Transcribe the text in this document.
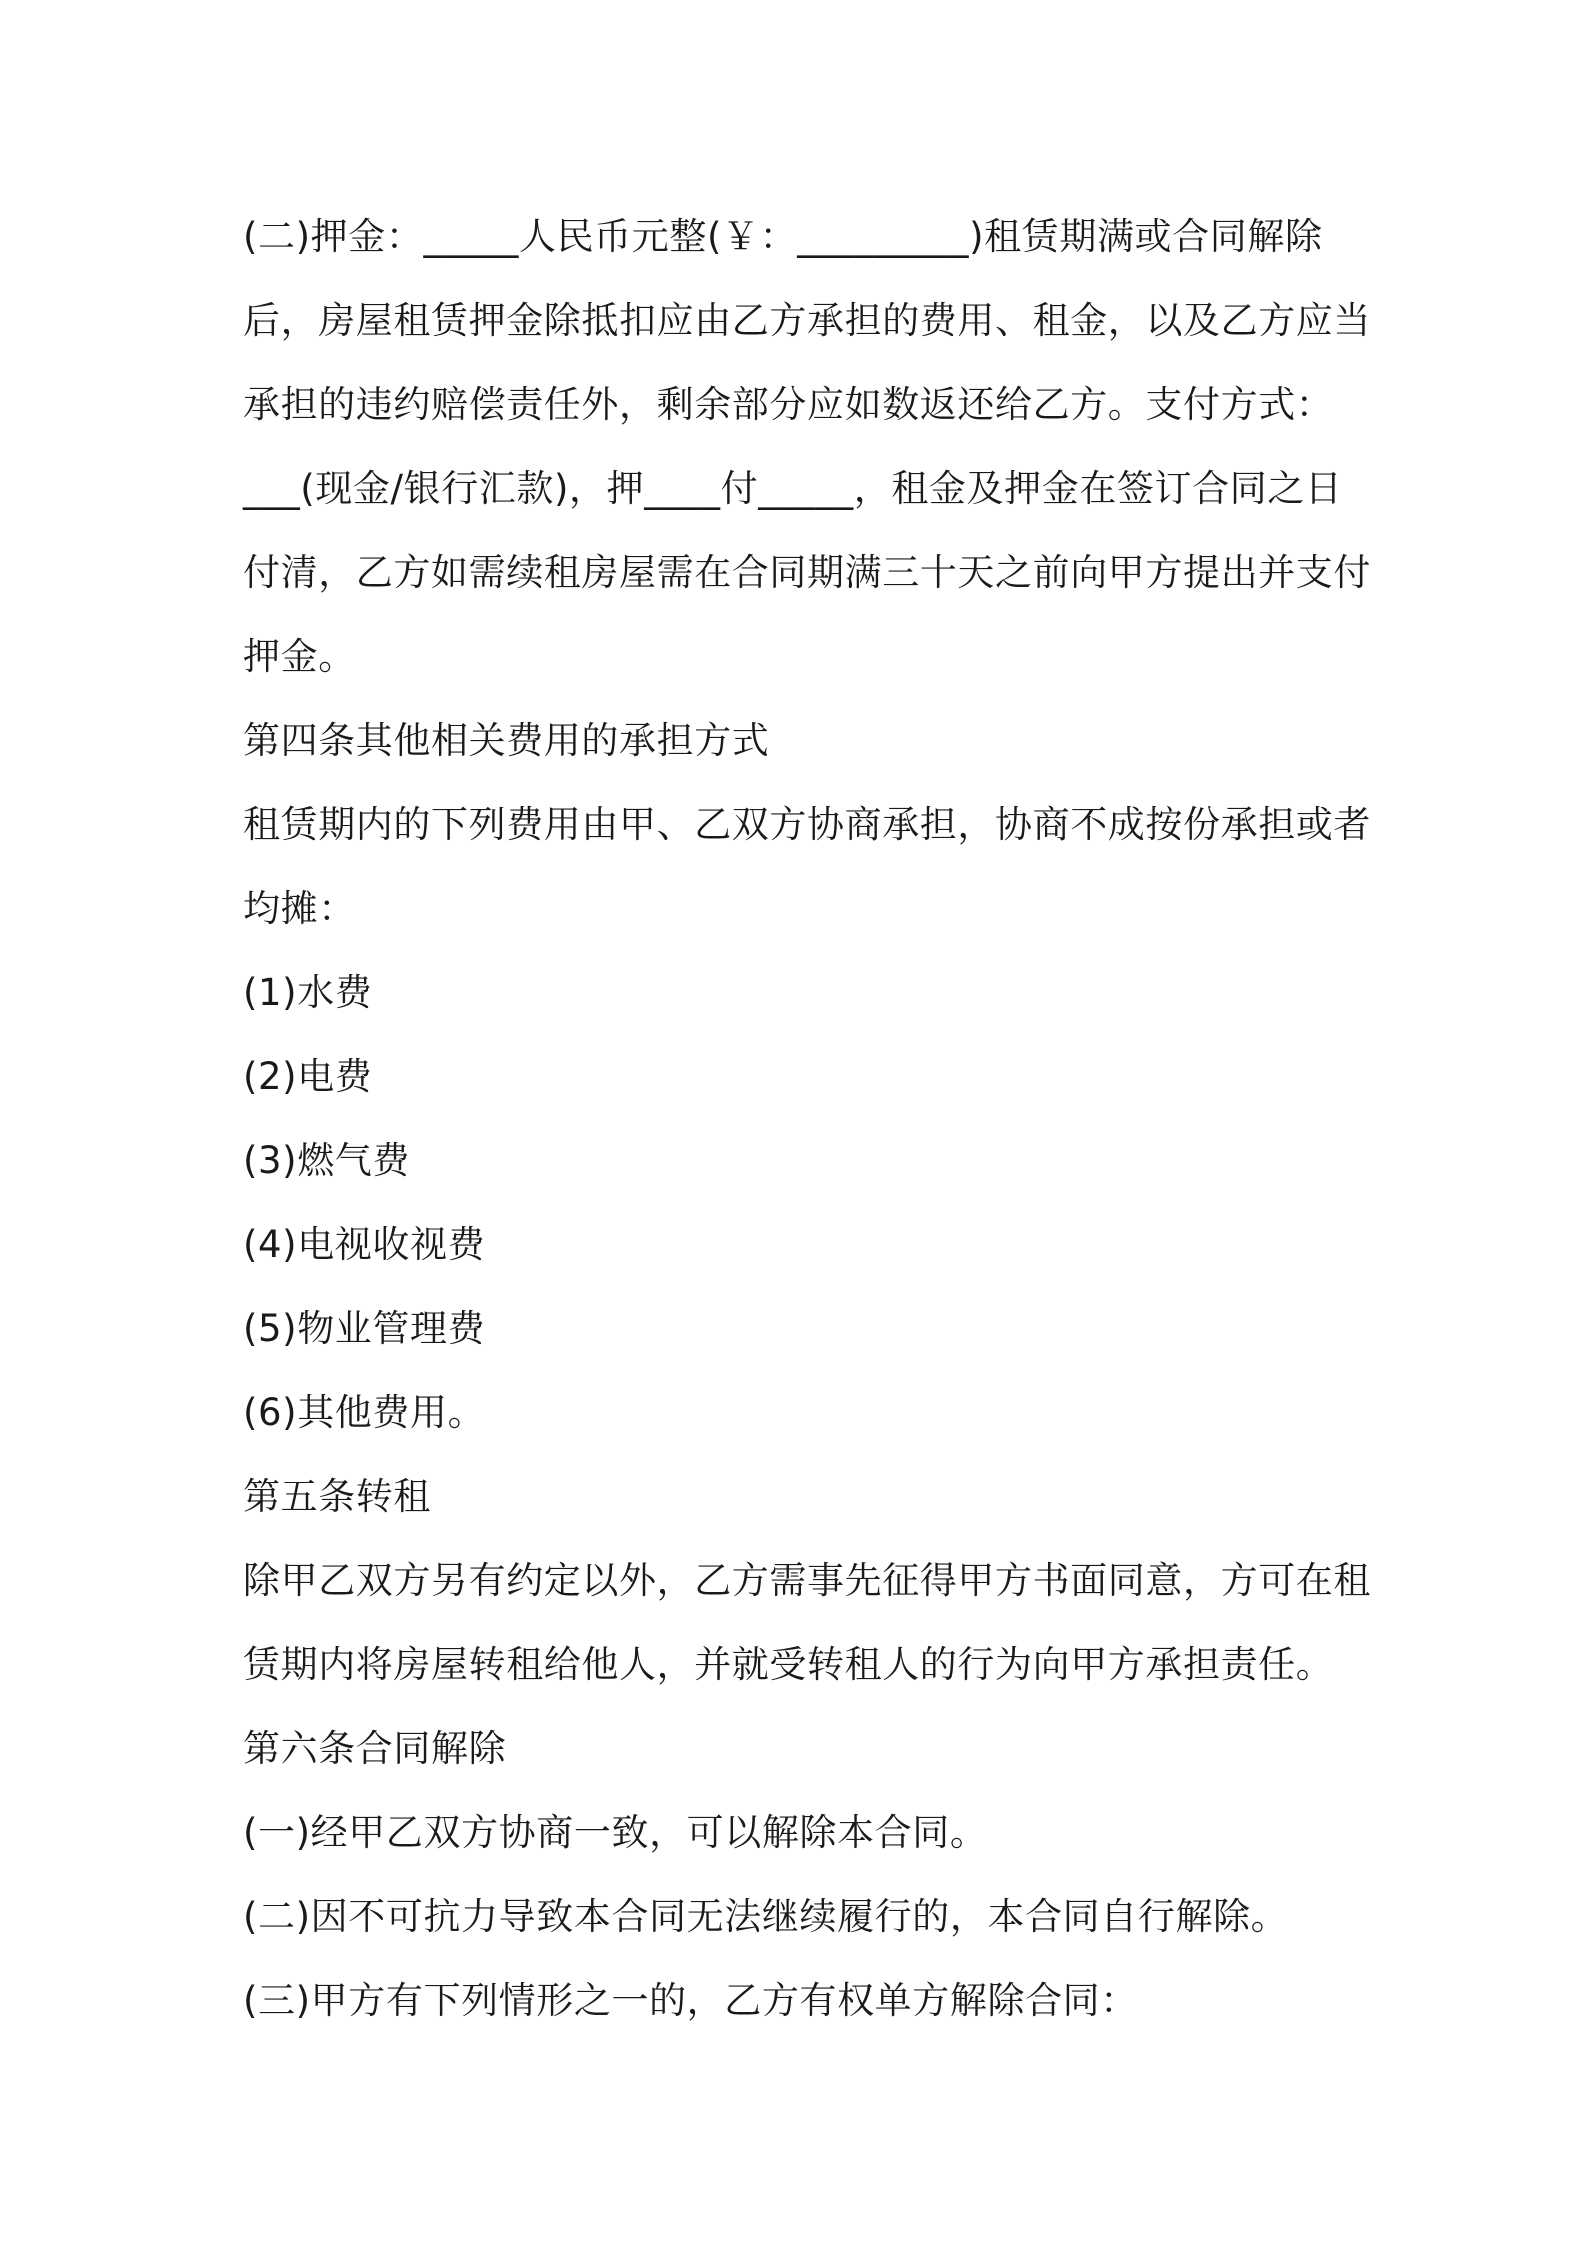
(二)押金：_____人民币元整(￥：_________)租赁期满或合同解除
后，房屋租赁押金除抵扣应由乙方承担的费用、租金，以及乙方应当
承担的违约赔偿责任外，剩余部分应如数返还给乙方。支付方式：
___(现金/银行汇款)，押____付_____，租金及押金在签订合同之日
付清，乙方如需续租房屋需在合同期满三十天之前向甲方提出并支付
押金。
第四条其他相关费用的承担方式
租赁期内的下列费用由甲、乙双方协商承担，协商不成按份承担或者
均摊：
(1)水费
(2)电费
(3)燃气费
(4)电视收视费
(5)物业管理费
(6)其他费用。
第五条转租
除甲乙双方另有约定以外，乙方需事先征得甲方书面同意，方可在租
赁期内将房屋转租给他人，并就受转租人的行为向甲方承担责任。
第六条合同解除
(一)经甲乙双方协商一致，可以解除本合同。
(二)因不可抗力导致本合同无法继续履行的，本合同自行解除。
(三)甲方有下列情形之一的，乙方有权单方解除合同：
